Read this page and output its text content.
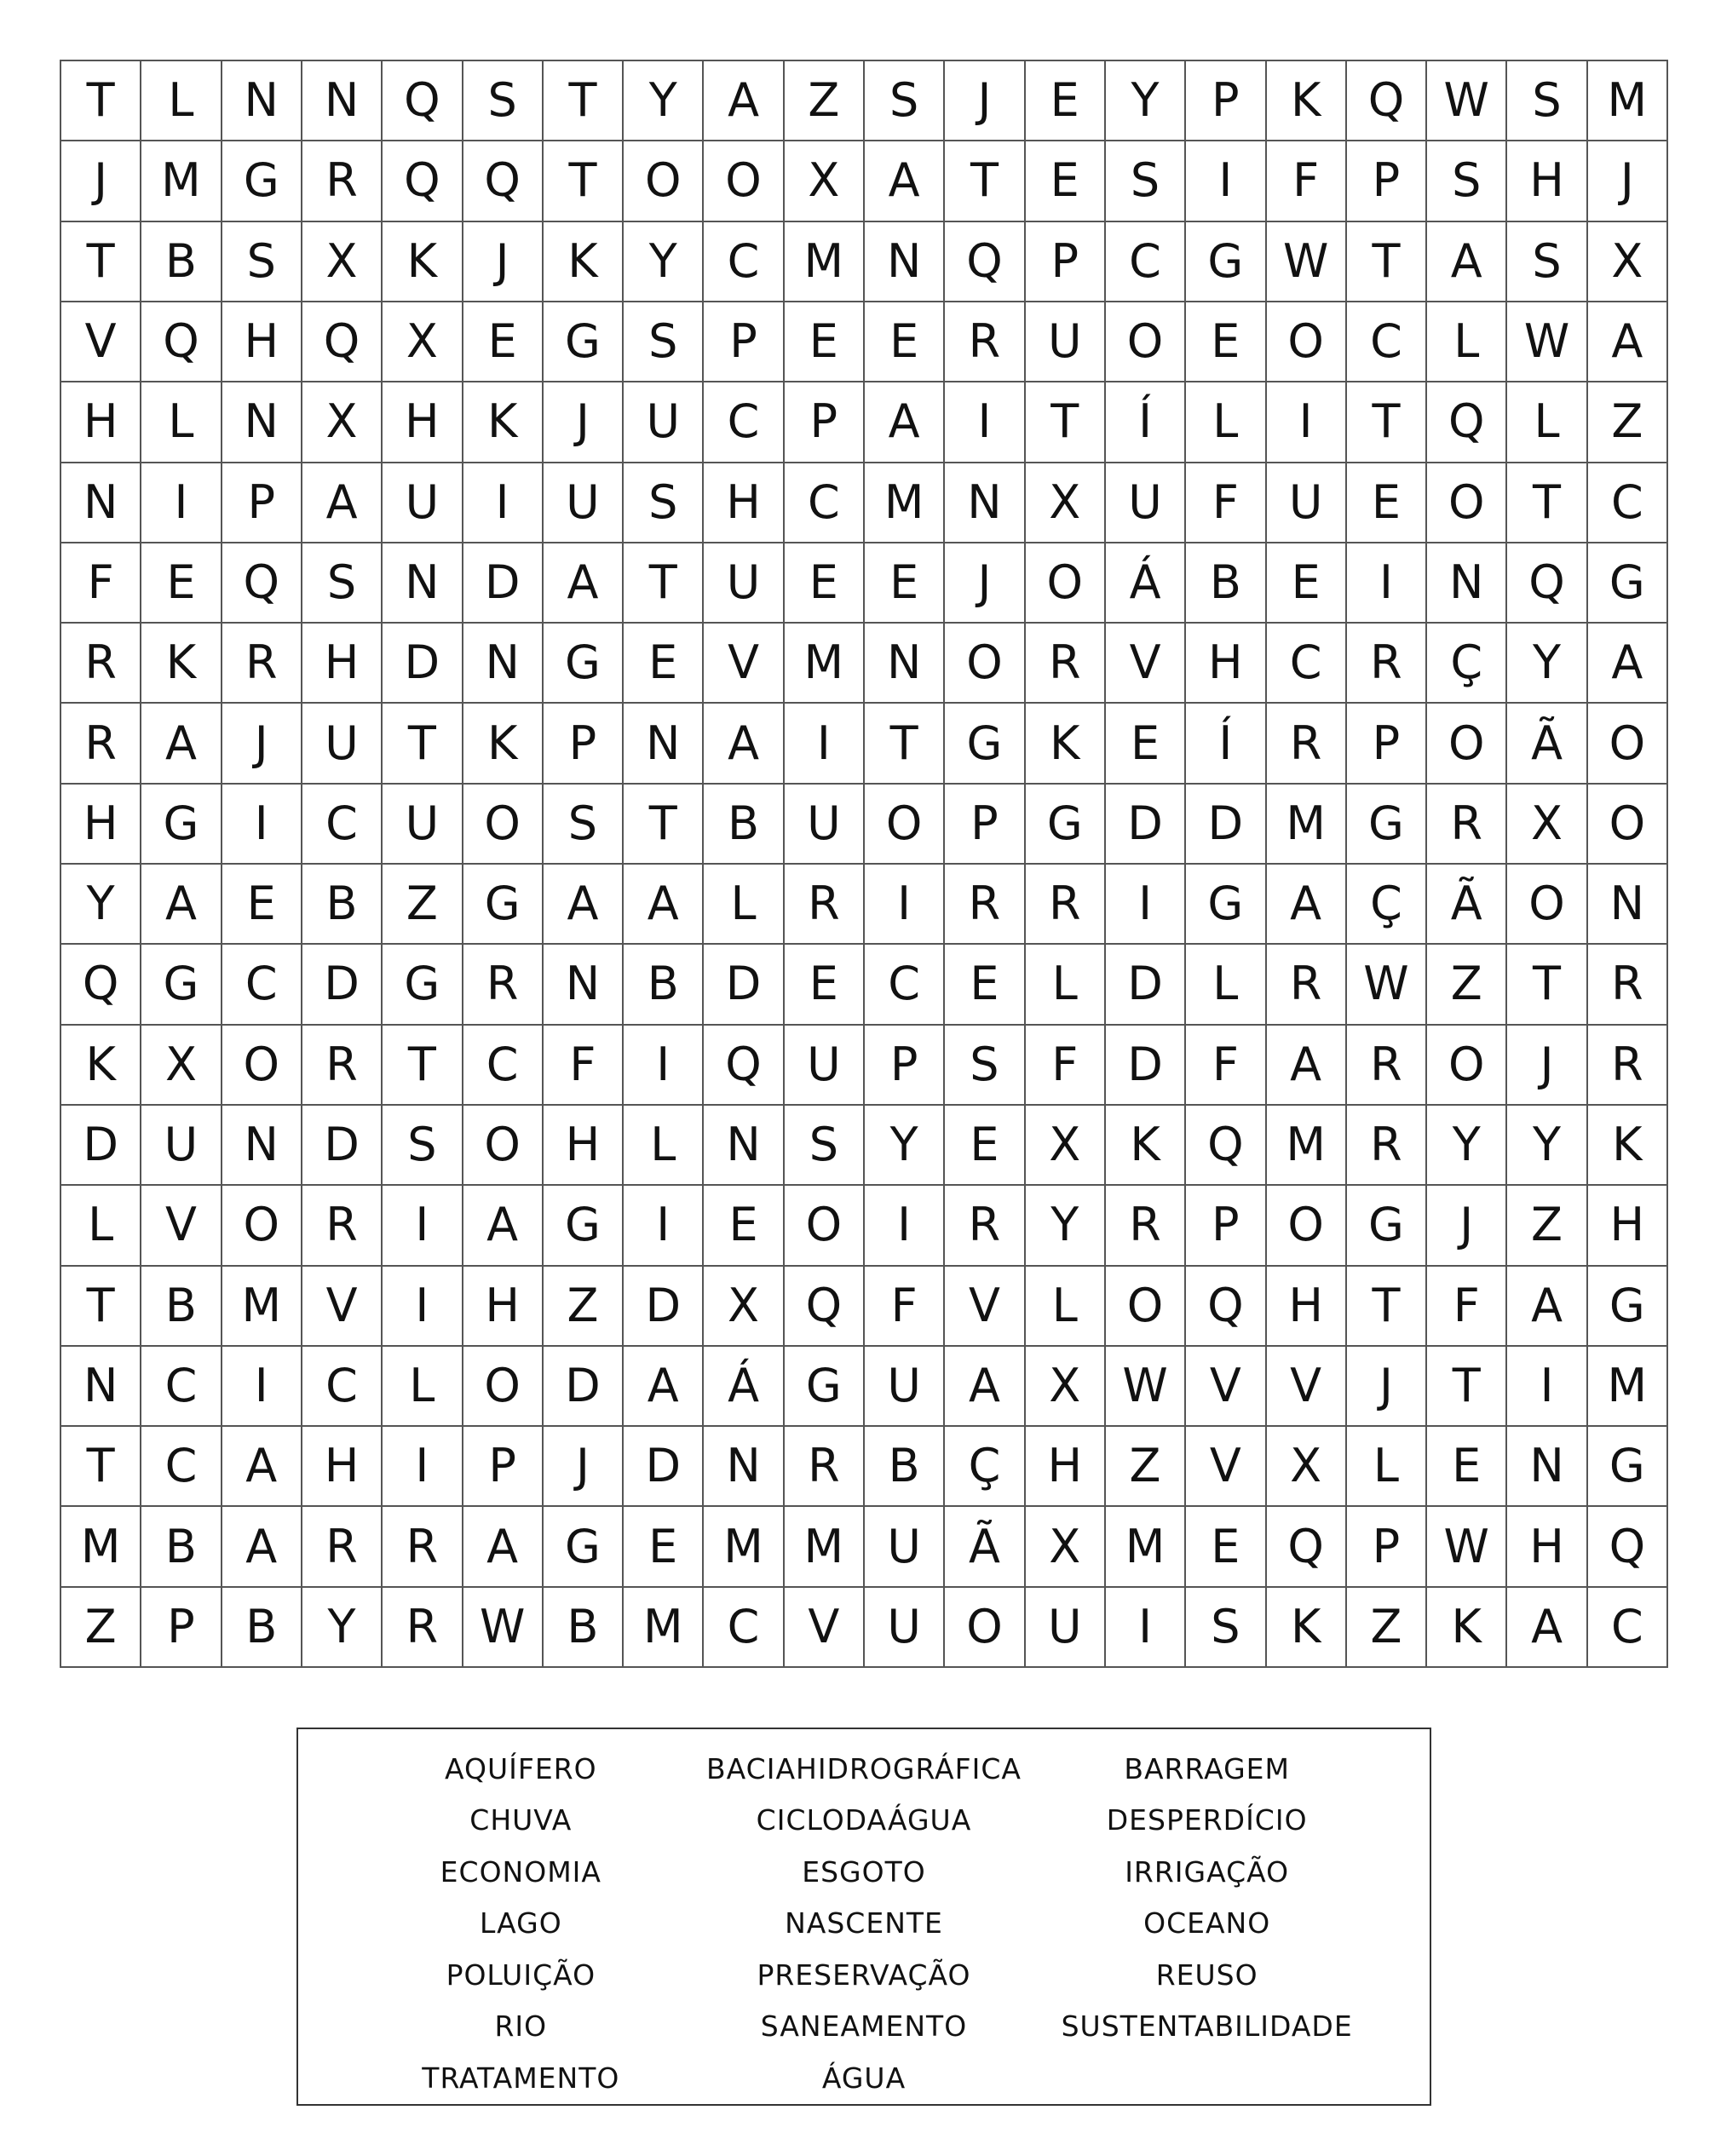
T	L	N N Q	S	T	Y	A	Z	S	J	E	Y	P	K	Q W S M
J	M G	R	Q Q	T	O O	X	A	T	E	S	I	F	P	S	H	J
T	B	S	X	K	J	K	Y	C M N Q	P	C	G W T	A	S	X
V	Q H Q	X	E	G	S	P	E	E	R	U O	E	O	C	L W A
H	L	N	X	H	K	J	U	C	P	A	I	T	Í	L	I	T	Q	L	Z
N	I	P	A	U	I	U	S	H	C M N	X	U	F	U	E	O	T	C
F	E	Q	S	N D	A	T	U	E	E	J	O	Á	B	E	I	N Q G
R	K	R	H D N G	E	V M N O	R	V	H	C	R	Ç	Y	A
R	A	J	U	T	K	P	N	A	I	T	G	K	E	Í	R	P	O	Ã	O
H G	I	C	U O	S	T	B	U O	P	G D D M G	R	X	O
Y	A	E	B	Z	G	A	A	L	R	I	R	R	I	G	A	Ç	Ã	O N
Q G	C	D G	R	N	B	D	E	C	E	L	D	L	R W Z	T	R
K	X	O	R	T	C	F	I	Q U	P	S	F	D	F	A	R	O	J	R
D U	N D	S	O H	L	N	S	Y	E	X	K	Q M R	Y	Y	K
L	V	O	R	I	A	G	I	E	O	I	R	Y	R	P	O G	J	Z	H
T	B M V	I	H	Z	D	X	Q	F	V	L	O Q H	T	F	A	G
N	C	I	C	L	O D	A	Á	G U	A	X W V	V	J	T	I	M
T	C	A	H	I	P	J	D N	R	B	Ç	H	Z	V	X	L	E	N G
M B	A	R	R	A	G	E M M U	Ã	X M E	Q	P W H Q
Z	P	B	Y	R W B M C	V	U O U	I	S	K	Z	K	A	C
AQUÍFERO	BACIAHIDROGRÁFICA	BARRAGEM
CHUVA	CICLODAÁGUA	DESPERDÍCIO
ECONOMIA	ESGOTO	IRRIGAÇÃO
LAGO	NASCENTE	OCEANO
POLUIÇÃO	PRESERVAÇÃO	REUSO
RIO	SANEAMENTO	SUSTENTABILIDADE
TRATAMENTO	ÁGUA
